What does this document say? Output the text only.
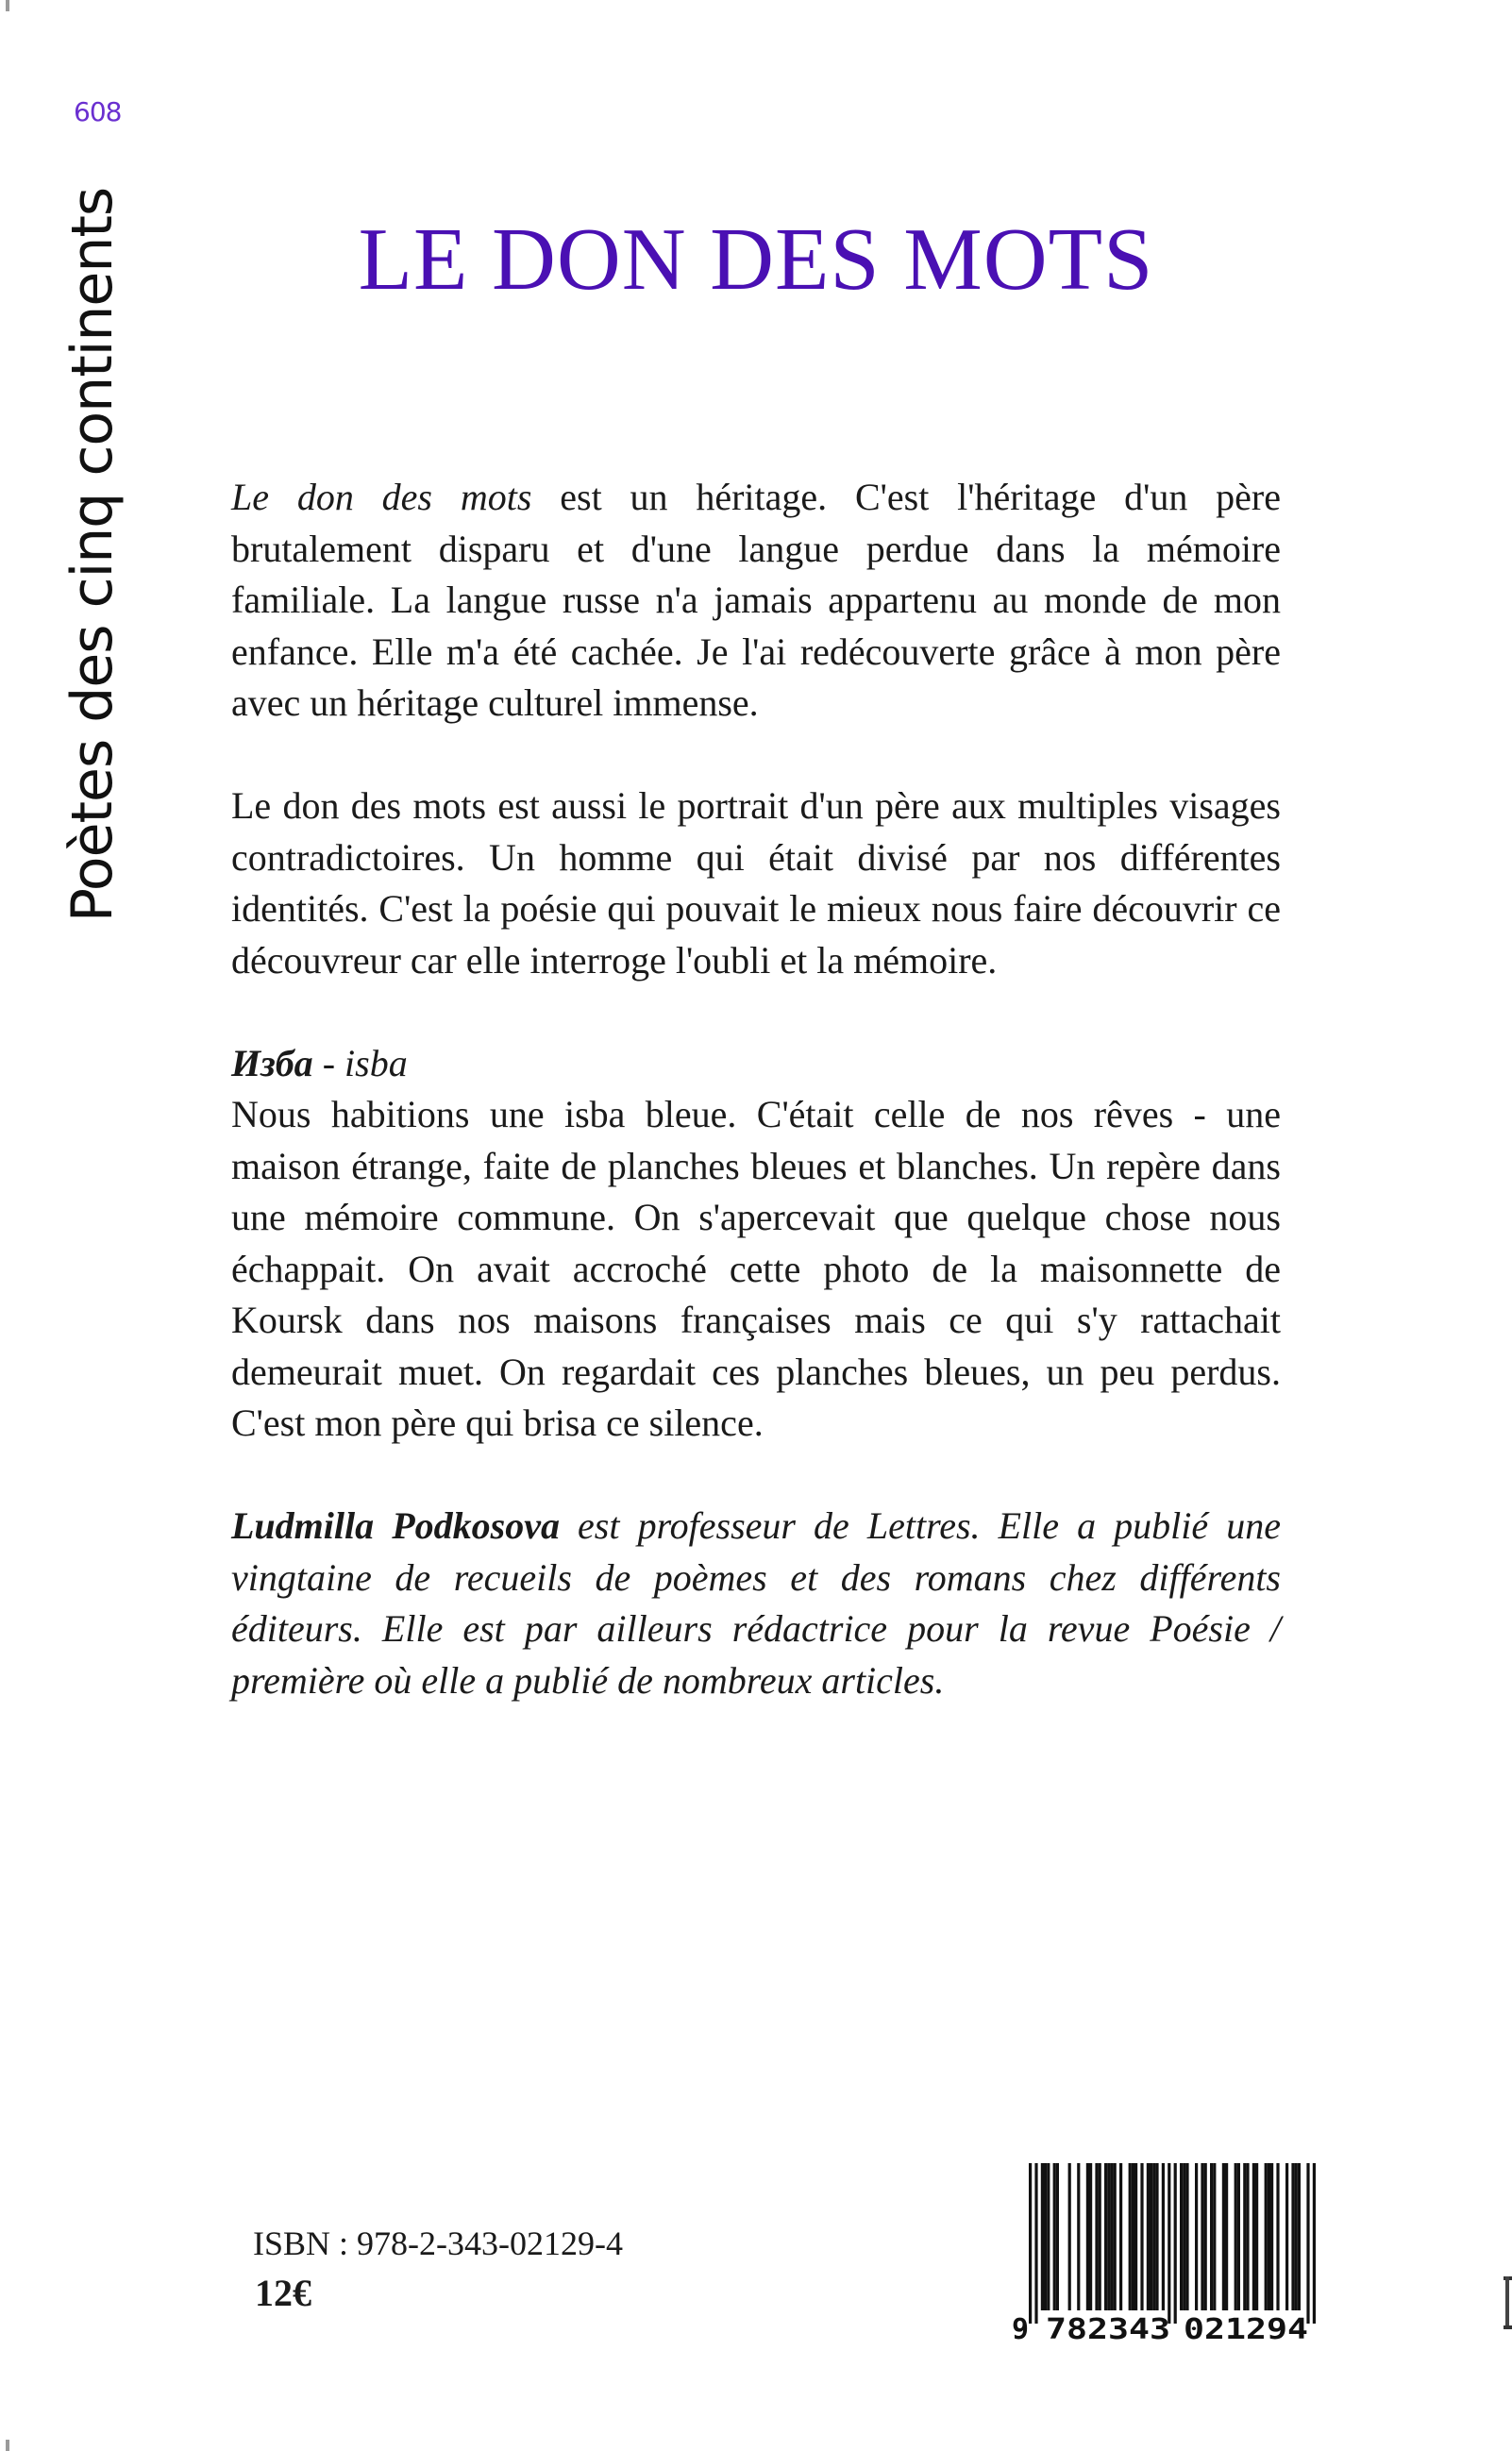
608
Poètes des cinq continents	LE DON DES MOTS

Le don des mots est un héritage. C'est l'héritage d'un père brutalement disparu et d'une langue perdue dans la mémoire familiale. La langue russe n'a jamais appartenu au monde de mon enfance. Elle m'a été cachée. Je l'ai redécouverte grâce à mon père avec un héritage culturel immense.

Le don des mots est aussi le portrait d'un père aux multiples visages contradictoires. Un homme qui était divisé par nos différentes identités. C'est la poésie qui pouvait le mieux nous faire découvrir ce découvreur car elle interroge l'oubli et la mémoire.

Изба - isba

Nous habitions une isba bleue. C'était celle de nos rêves - une maison étrange, faite de planches bleues et blanches. Un repère dans une mémoire commune. On s'apercevait que quelque chose nous échappait. On avait accroché cette photo de la maisonnette de Koursk dans nos maisons françaises mais ce qui s'y rattachait demeurait muet. On regardait ces planches bleues, un peu perdus. C'est mon père qui brisa ce silence.

Ludmilla Podkosova est professeur de Lettres. Elle a publié une vingtaine de recueils de poèmes et des romans chez différents éditeurs. Elle est par ailleurs rédactrice pour la revue Poésie / première où elle a publié de nombreux articles.

ISBN : 978-2-343-02129-4
12€
9 782343 021294
